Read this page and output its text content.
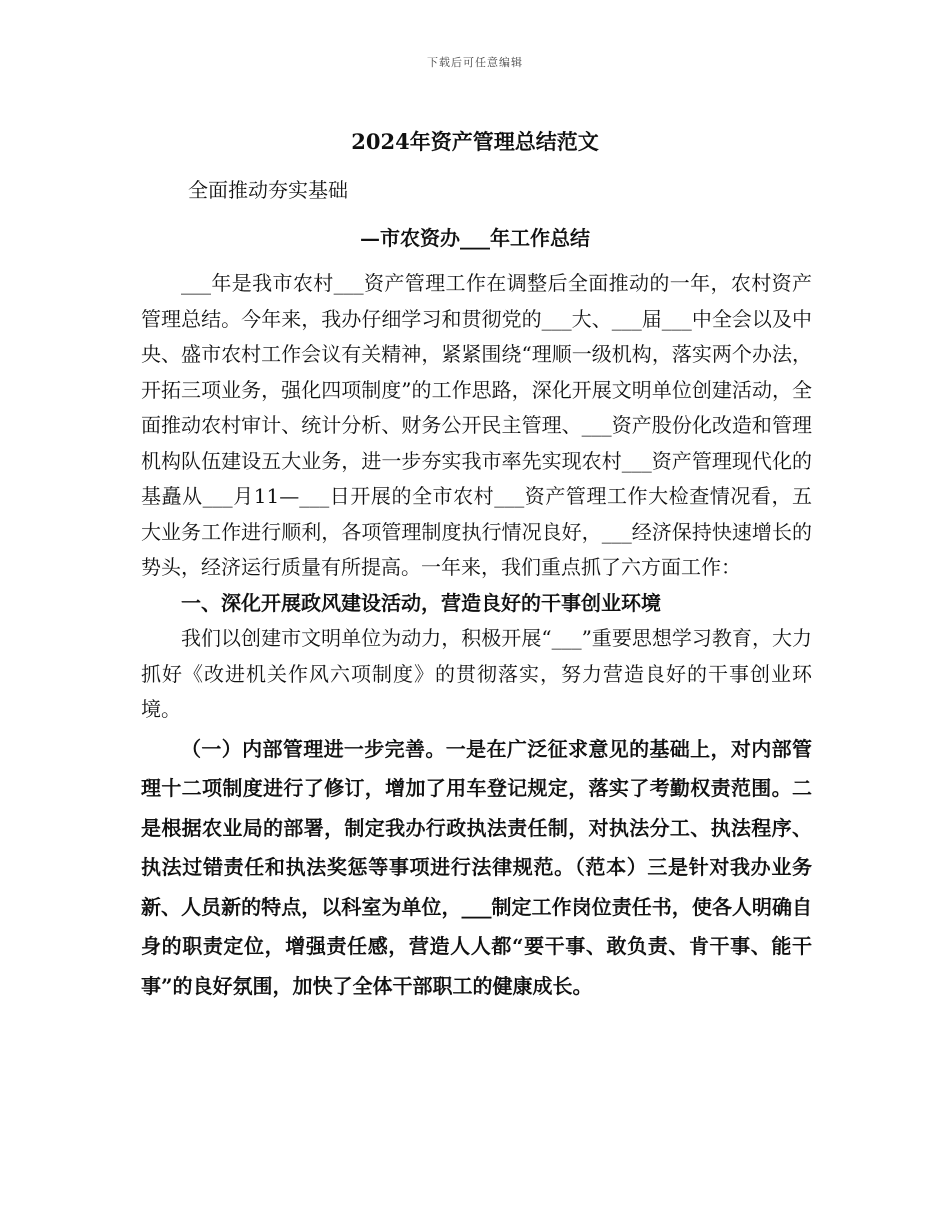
下载后可任意编辑
2024年资产管理总结范文
全面推动夯实基础
—市农资办___年工作总结

___年是我市农村___资产管理工作在调整后全面推动的一年，农村资产管理总结。今年来，我办仔细学习和贯彻党的___大、___届___中全会以及中央、盛市农村工作会议有关精神，紧紧围绕“理顺一级机构，落实两个办法，开拓三项业务，强化四项制度”的工作思路，深化开展文明单位创建活动，全面推动农村审计、统计分析、财务公开民主管理、___资产股份化改造和管理机构队伍建设五大业务，进一步夯实我市率先实现农村___资产管理现代化的基矗从___月11—___日开展的全市农村___资产管理工作大检查情况看，五大业务工作进行顺利，各项管理制度执行情况良好，___经济保持快速增长的势头，经济运行质量有所提高。一年来，我们重点抓了六方面工作：

一、深化开展政风建设活动，营造良好的干事创业环境

我们以创建市文明单位为动力，积极开展“___”重要思想学习教育，大力抓好《改进机关作风六项制度》的贯彻落实，努力营造良好的干事创业环境。

（一）内部管理进一步完善。一是在广泛征求意见的基础上，对内部管理十二项制度进行了修订，增加了用车登记规定，落实了考勤权责范围。二是根据农业局的部署，制定我办行政执法责任制，对执法分工、执法程序、执法过错责任和执法奖惩等事项进行法律规范。（范本）三是针对我办业务新、人员新的特点，以科室为单位，___制定工作岗位责任书，使各人明确自身的职责定位，增强责任感，营造人人都“要干事、敢负责、肯干事、能干事”的良好氛围，加快了全体干部职工的健康成长。
